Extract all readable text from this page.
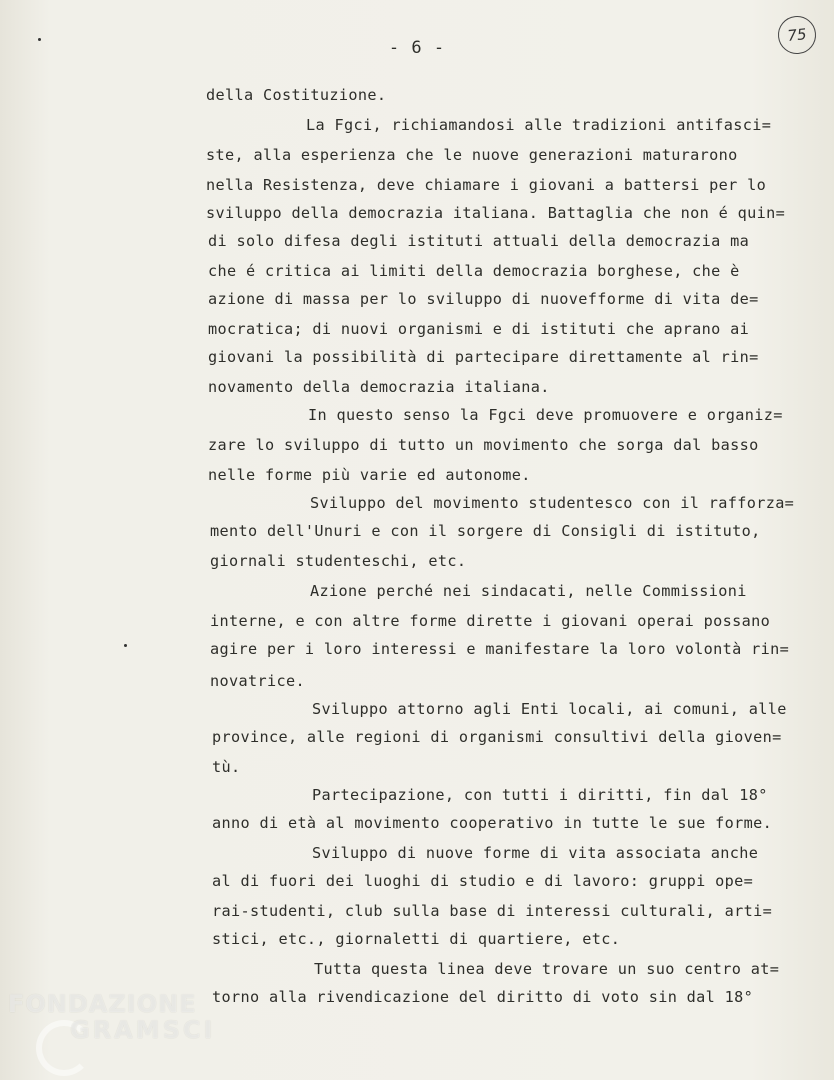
- 6 -
75
della Costituzione.
La Fgci, richiamandosi alle tradizioni antifasci=
ste, alla esperienza che le nuove generazioni maturarono
nella Resistenza, deve chiamare i giovani a battersi per lo
sviluppo della democrazia italiana. Battaglia che non é quin=
di solo difesa degli istituti attuali della democrazia ma
che é critica ai limiti della democrazia borghese, che è
azione di massa per lo sviluppo di nuovefforme di vita de=
mocratica; di nuovi organismi e di istituti che aprano ai
giovani la possibilità di partecipare direttamente al rin=
novamento della democrazia italiana.
In questo senso la Fgci deve promuovere e organiz=
zare lo sviluppo di tutto un movimento che sorga dal basso
nelle forme più varie ed autonome.
Sviluppo del movimento studentesco con il rafforza=
mento dell'Unuri e con il sorgere di Consigli di istituto,
giornali studenteschi, etc.
Azione perché nei sindacati, nelle Commissioni
interne, e con altre forme dirette i giovani operai possano
agire per i loro interessi e manifestare la loro volontà rin=
novatrice.
Sviluppo attorno agli Enti locali, ai comuni, alle
province, alle regioni di organismi consultivi della gioven=
tù.
Partecipazione, con tutti i diritti, fin dal 18°
anno di età al movimento cooperativo in tutte le sue forme.
Sviluppo di nuove forme di vita associata anche
al di fuori dei luoghi di studio e di lavoro: gruppi ope=
rai-studenti, club sulla base di interessi culturali, arti=
stici, etc., giornaletti di quartiere, etc.
Tutta questa linea deve trovare un suo centro at=
torno alla rivendicazione del diritto di voto sin dal 18°
FONDAZIONE
GRAMSCI
